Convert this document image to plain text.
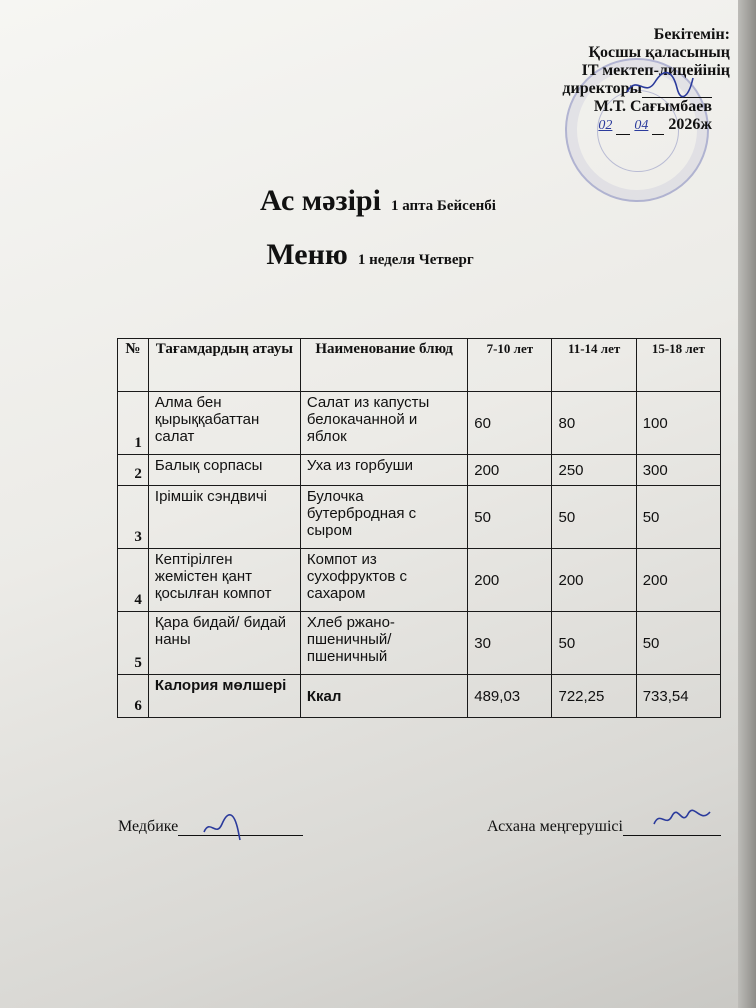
Бекітемін:
Қосшы қаласының
IT мектеп-лицейінің
директоры
М.Т. Сағымбаев
02 04 2026ж
Ас мәзірі 1 апта Бейсенбі
Меню 1 неделя Четверг
№	Тағамдардың атауы	Наименование блюд	7-10 лет	11-14 лет	15-18 лет
1	Алма бен қырыққабаттан салат	Салат из капусты белокачанной и яблок	60	80	100
2	Балық сорпасы	Уха из горбуши	200	250	300
3	Ірімшік сэндвичі	Булочка бутербродная с сыром	50	50	50
4	Кептірілген жемістен қант қосылған компот	Компот из сухофруктов с сахаром	200	200	200
5	Қара бидай/ бидай наны	Хлеб ржано-пшеничный/ пшеничный	30	50	50
6	Калория мөлшері	Ккал	489,03	722,25	733,54
Медбике	Асхана меңгерушісі
